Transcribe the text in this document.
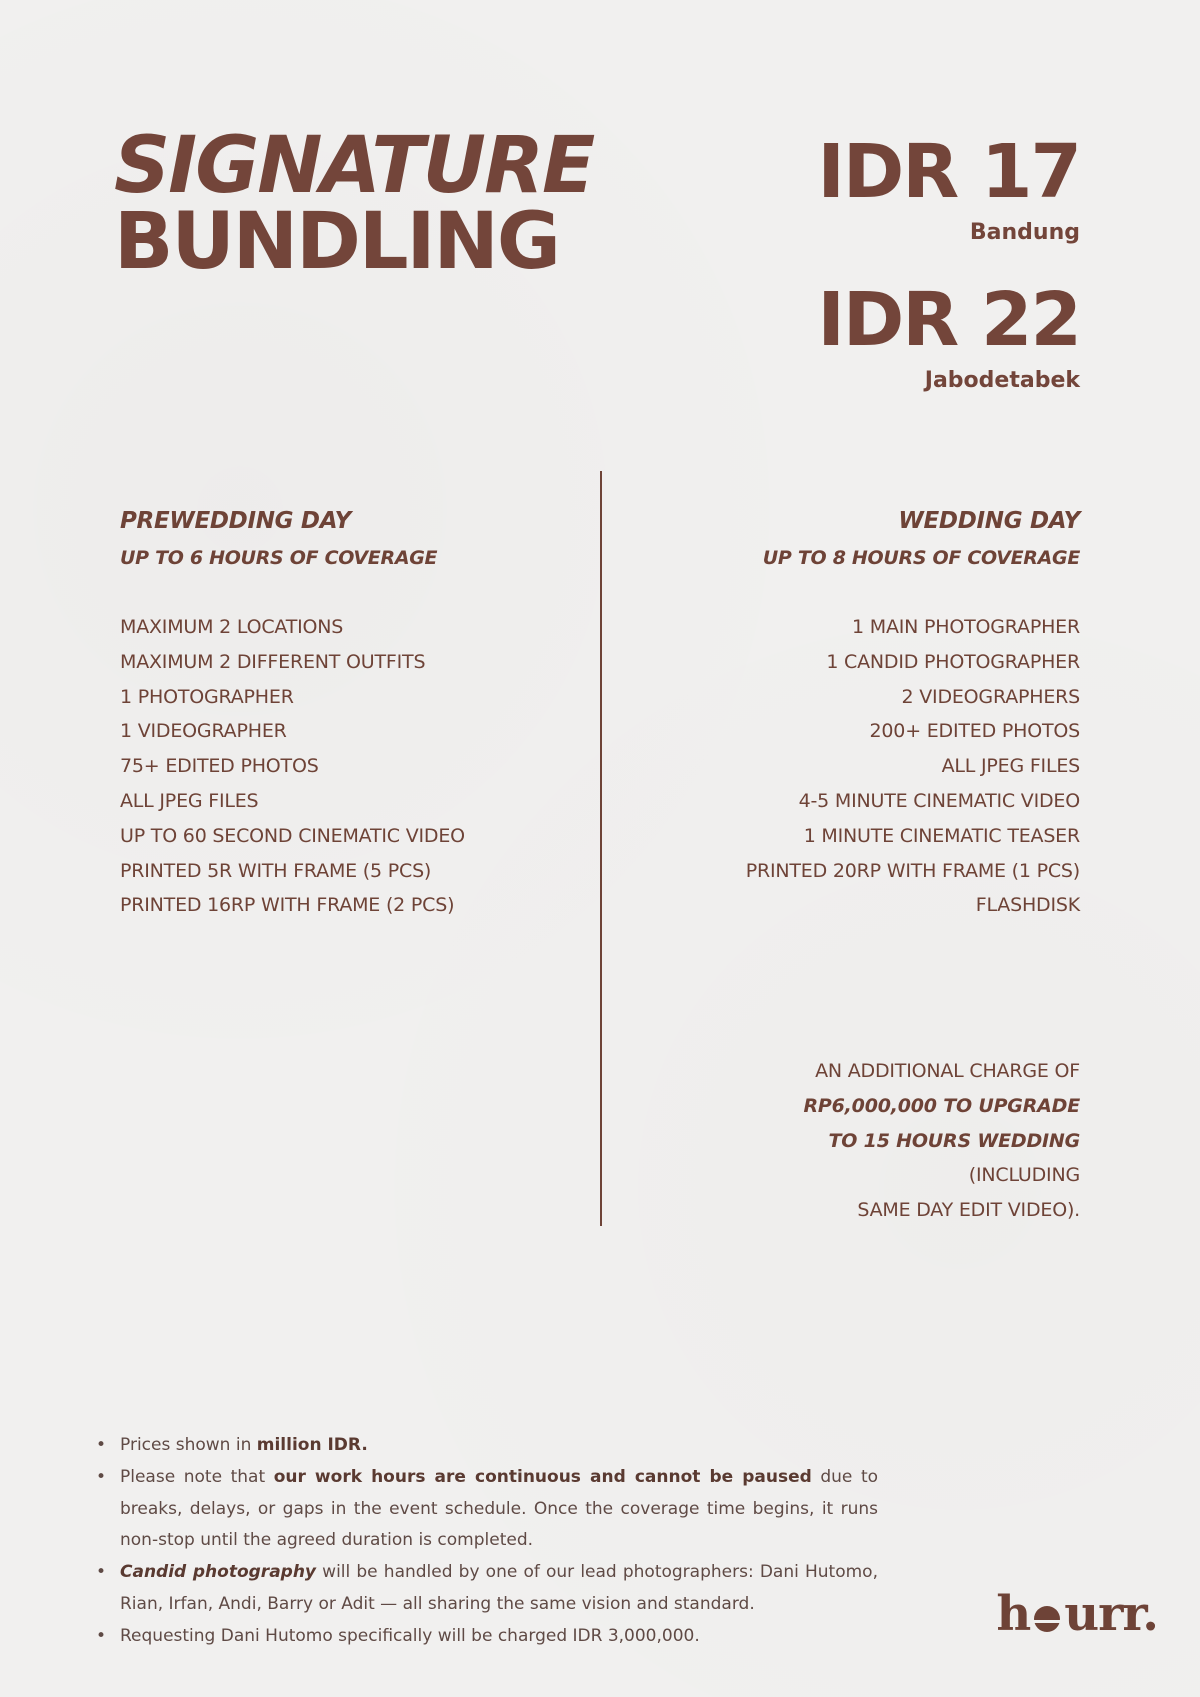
SIGNATURE
BUNDLING
IDR 17
Bandung
IDR 22
Jabodetabek
PREWEDDING DAY
UP TO 6 HOURS OF COVERAGE
MAXIMUM 2 LOCATIONS
MAXIMUM 2 DIFFERENT OUTFITS
1 PHOTOGRAPHER
1 VIDEOGRAPHER
75+ EDITED PHOTOS
ALL JPEG FILES
UP TO 60 SECOND CINEMATIC VIDEO
PRINTED 5R WITH FRAME (5 PCS)
PRINTED 16RP WITH FRAME (2 PCS)
WEDDING DAY
UP TO 8 HOURS OF COVERAGE
1 MAIN PHOTOGRAPHER
1 CANDID PHOTOGRAPHER
2 VIDEOGRAPHERS
200+ EDITED PHOTOS
ALL JPEG FILES
4-5 MINUTE CINEMATIC VIDEO
1 MINUTE CINEMATIC TEASER
PRINTED 20RP WITH FRAME (1 PCS)
FLASHDISK
AN ADDITIONAL CHARGE OF
RP6,000,000 TO UPGRADE
TO 15 HOURS WEDDING
(INCLUDING
SAME DAY EDIT VIDEO).
• Prices shown in million IDR.
• Please note that our work hours are continuous and cannot be paused due to breaks, delays, or gaps in the event schedule. Once the coverage time begins, it runs non-stop until the agreed duration is completed.
• Candid photography will be handled by one of our lead photographers: Dani Hutomo, Rian, Irfan, Andi, Barry or Adit — all sharing the same vision and standard.
• Requesting Dani Hutomo specifically will be charged IDR 3,000,000.	h urr.
